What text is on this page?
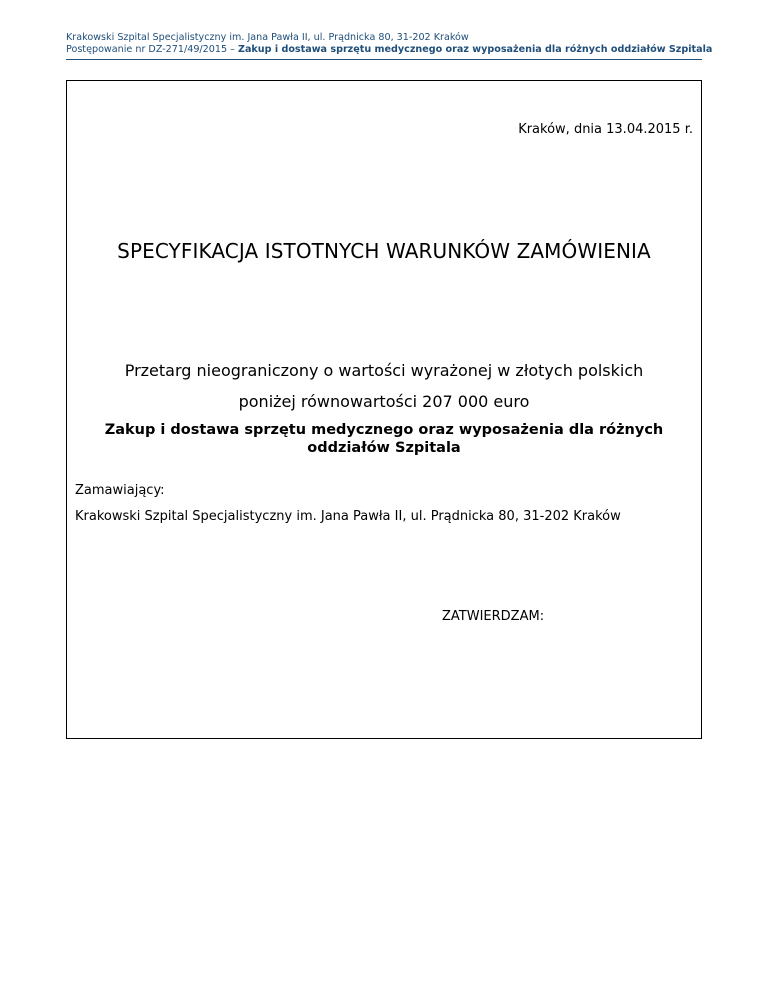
Krakowski Szpital Specjalistyczny im. Jana Pawła II, ul. Prądnicka 80, 31-202 Kraków
Postępowanie nr DZ-271/49/2015 – Zakup i dostawa sprzętu medycznego oraz wyposażenia dla różnych oddziałów Szpitala
Kraków, dnia 13.04.2015 r.
SPECYFIKACJA ISTOTNYCH WARUNKÓW ZAMÓWIENIA
Przetarg nieograniczony o wartości wyrażonej w złotych polskich
poniżej równowartości 207 000 euro
Zakup i dostawa sprzętu medycznego oraz wyposażenia dla różnych oddziałów Szpitala
Zamawiający:
Krakowski Szpital Specjalistyczny im. Jana Pawła II, ul. Prądnicka 80, 31-202 Kraków
ZATWIERDZAM:
